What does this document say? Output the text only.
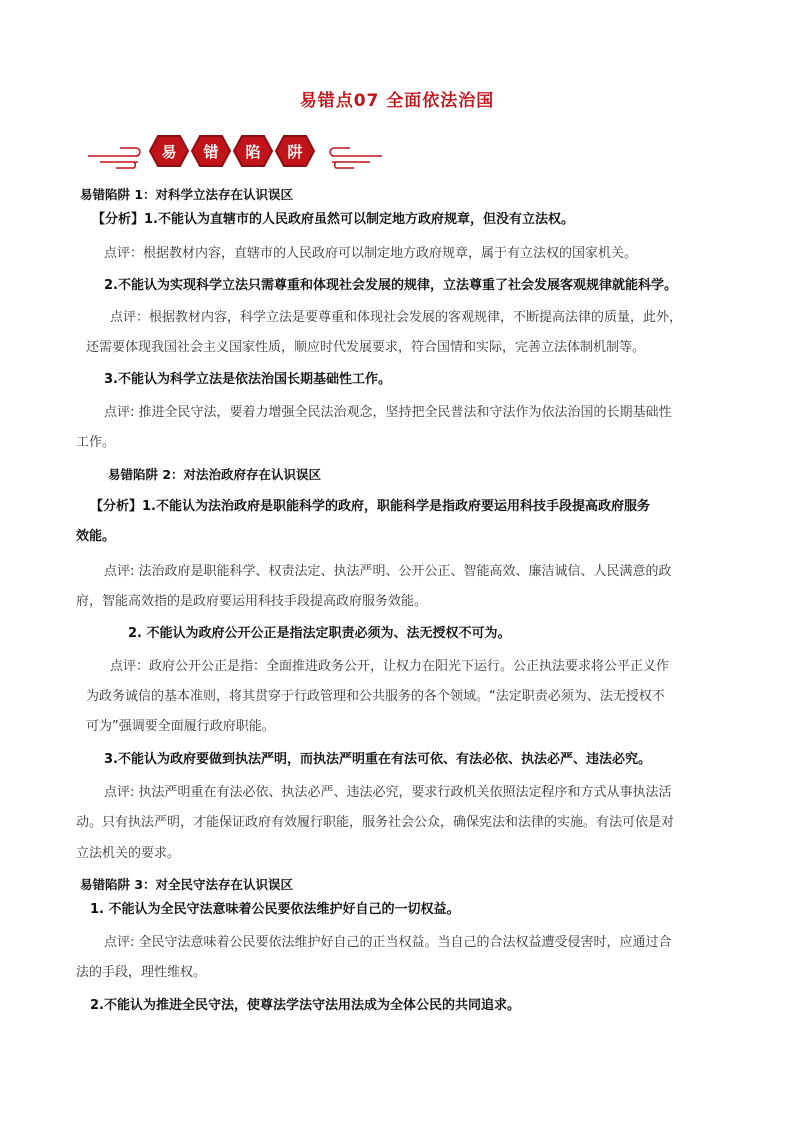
易错点07 全面依法治国
易 错 陷 阱
易错陷阱 1：对科学立法存在认识误区
【分析】1.不能认为直辖市的人民政府虽然可以制定地方政府规章，但没有立法权。
点评：根据教材内容，直辖市的人民政府可以制定地方政府规章，属于有立法权的国家机关。
2.不能认为实现科学立法只需尊重和体现社会发展的规律，立法尊重了社会发展客观规律就能科学。
点评：根据教材内容，科学立法是要尊重和体现社会发展的客观规律，不断提高法律的质量，此外，
还需要体现我国社会主义国家性质，顺应时代发展要求，符合国情和实际，完善立法体制机制等。
3.不能认为科学立法是依法治国长期基础性工作。
点评: 推进全民守法，要着力增强全民法治观念，坚持把全民普法和守法作为依法治国的长期基础性
工作。
易错陷阱 2：对法治政府存在认识误区
【分析】1.不能认为法治政府是职能科学的政府，职能科学是指政府要运用科技手段提高政府服务
效能。
点评: 法治政府是职能科学、权责法定、执法严明、公开公正、智能高效、廉洁诚信、人民满意的政
府，智能高效指的是政府要运用科技手段提高政府服务效能。
2. 不能认为政府公开公正是指法定职责必须为、法无授权不可为。
点评：政府公开公正是指：全面推进政务公开，让权力在阳光下运行。公正执法要求将公平正义作
为政务诚信的基本准则，将其贯穿于行政管理和公共服务的各个领域。“法定职责必须为、法无授权不
可为”强调要全面履行政府职能。
3.不能认为政府要做到执法严明，而执法严明重在有法可依、有法必依、执法必严、违法必究。
点评: 执法严明重在有法必依、执法必严、违法必究，要求行政机关依照法定程序和方式从事执法活
动。只有执法严明，才能保证政府有效履行职能，服务社会公众，确保宪法和法律的实施。有法可依是对
立法机关的要求。
易错陷阱 3：对全民守法存在认识误区
1. 不能认为全民守法意味着公民要依法维护好自己的一切权益。
点评: 全民守法意味着公民要依法维护好自己的正当权益。当自己的合法权益遭受侵害时，应通过合
法的手段，理性维权。
2.不能认为推进全民守法，使尊法学法守法用法成为全体公民的共同追求。
